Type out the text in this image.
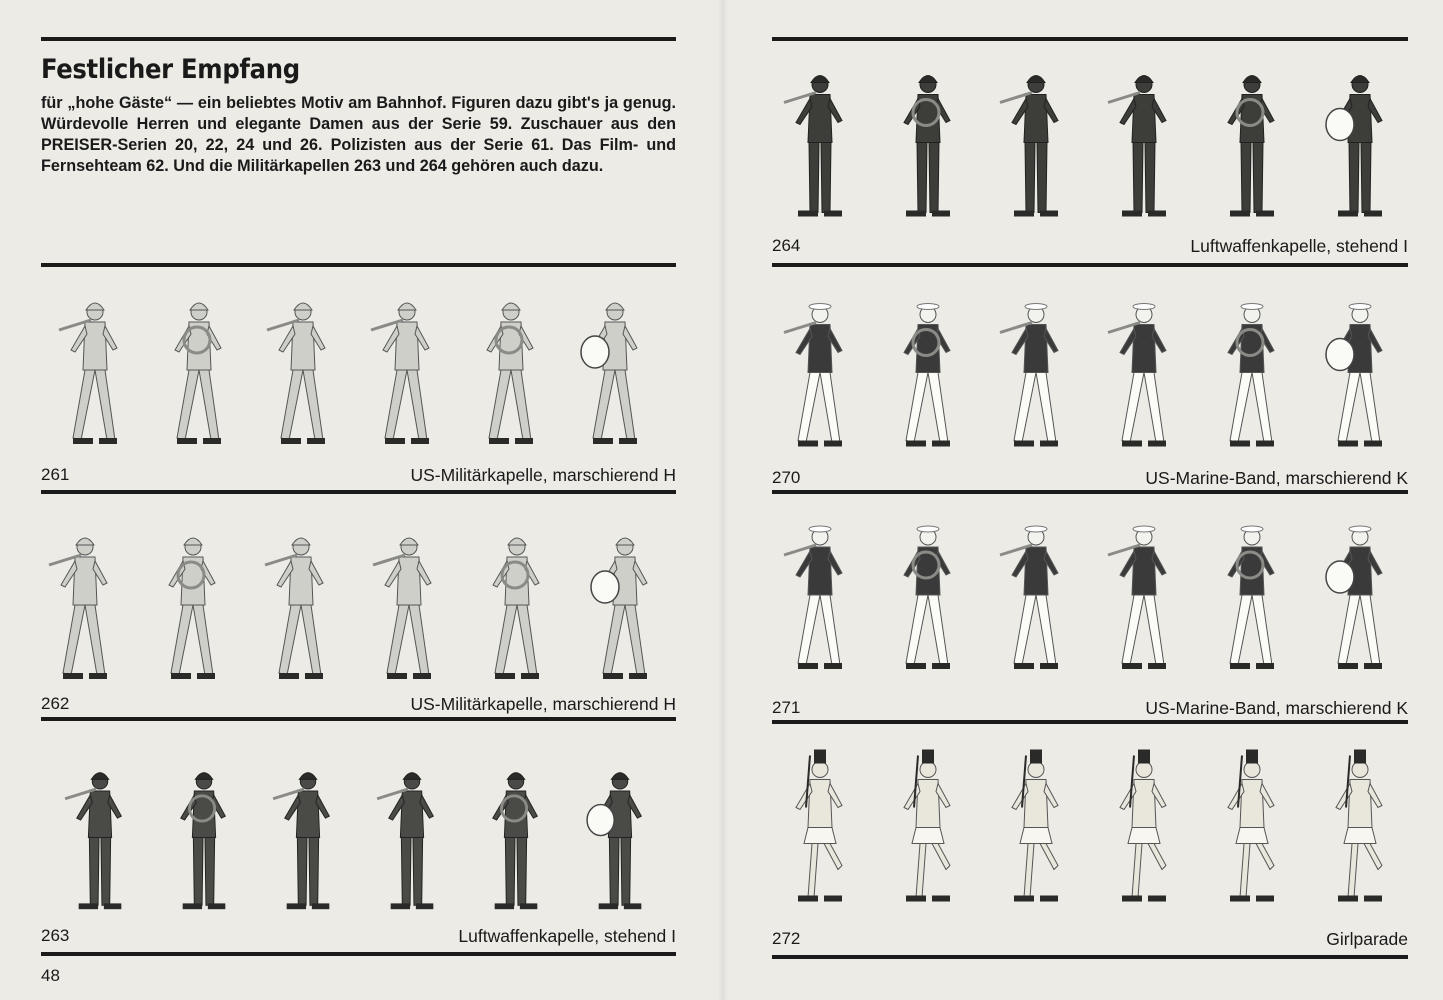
Festlicher Empfang

für „hohe Gäste“ — ein beliebtes Motiv am Bahnhof. Figuren dazu gibt's ja genug. Würdevolle Herren und elegante Damen aus der Serie 59. Zuschauer aus den PREISER-Serien 20, 22, 24 und 26. Polizisten aus der Serie 61. Das Film- und Fernsehteam 62. Und die Militärkapellen 263 und 264 gehören auch dazu.

264	Luftwaffenkapelle, stehend I
261	US-Militärkapelle, marschierend H	270	US-Marine-Band, marschierend K
262	US-Militärkapelle, marschierend H	271	US-Marine-Band, marschierend K
263	Luftwaffenkapelle, stehend I	272	Girlparade
48
